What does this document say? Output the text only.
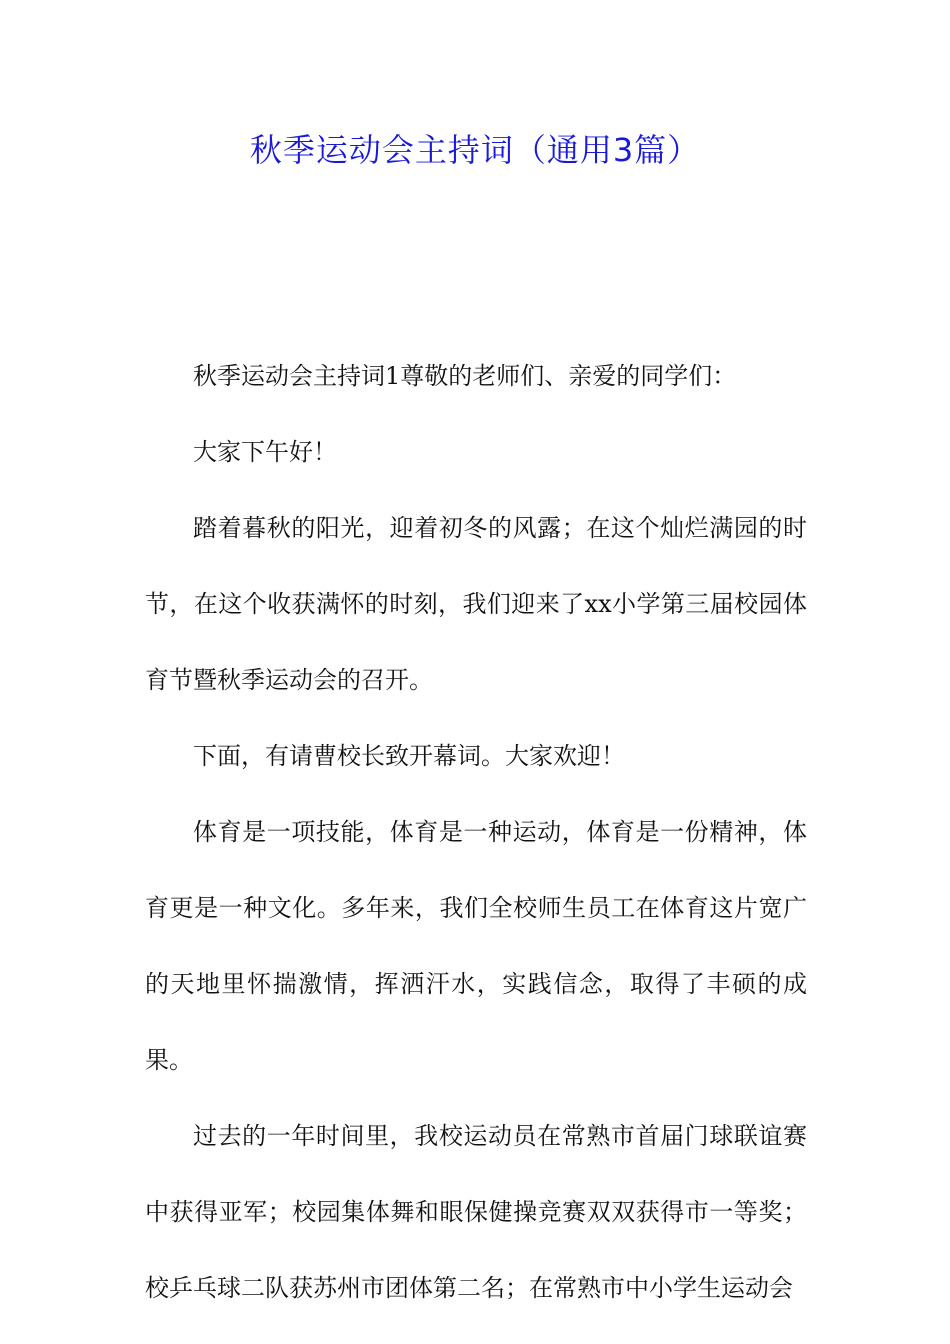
秋季运动会主持词（通用3篇）

秋季运动会主持词1尊敬的老师们、亲爱的同学们：

大家下午好！

踏着暮秋的阳光，迎着初冬的风露；在这个灿烂满园的时节，在这个收获满怀的时刻，我们迎来了xx小学第三届校园体育节暨秋季运动会的召开。

下面，有请曹校长致开幕词。大家欢迎！

体育是一项技能，体育是一种运动，体育是一份精神，体育更是一种文化。多年来，我们全校师生员工在体育这片宽广的天地里怀揣激情，挥洒汗水，实践信念，取得了丰硕的成果。

过去的一年时间里，我校运动员在常熟市首届门球联谊赛中获得亚军；校园集体舞和眼保健操竞赛双双获得市一等奖；校乒乓球二队获苏州市团体第二名；在常熟市中小学生运动会
